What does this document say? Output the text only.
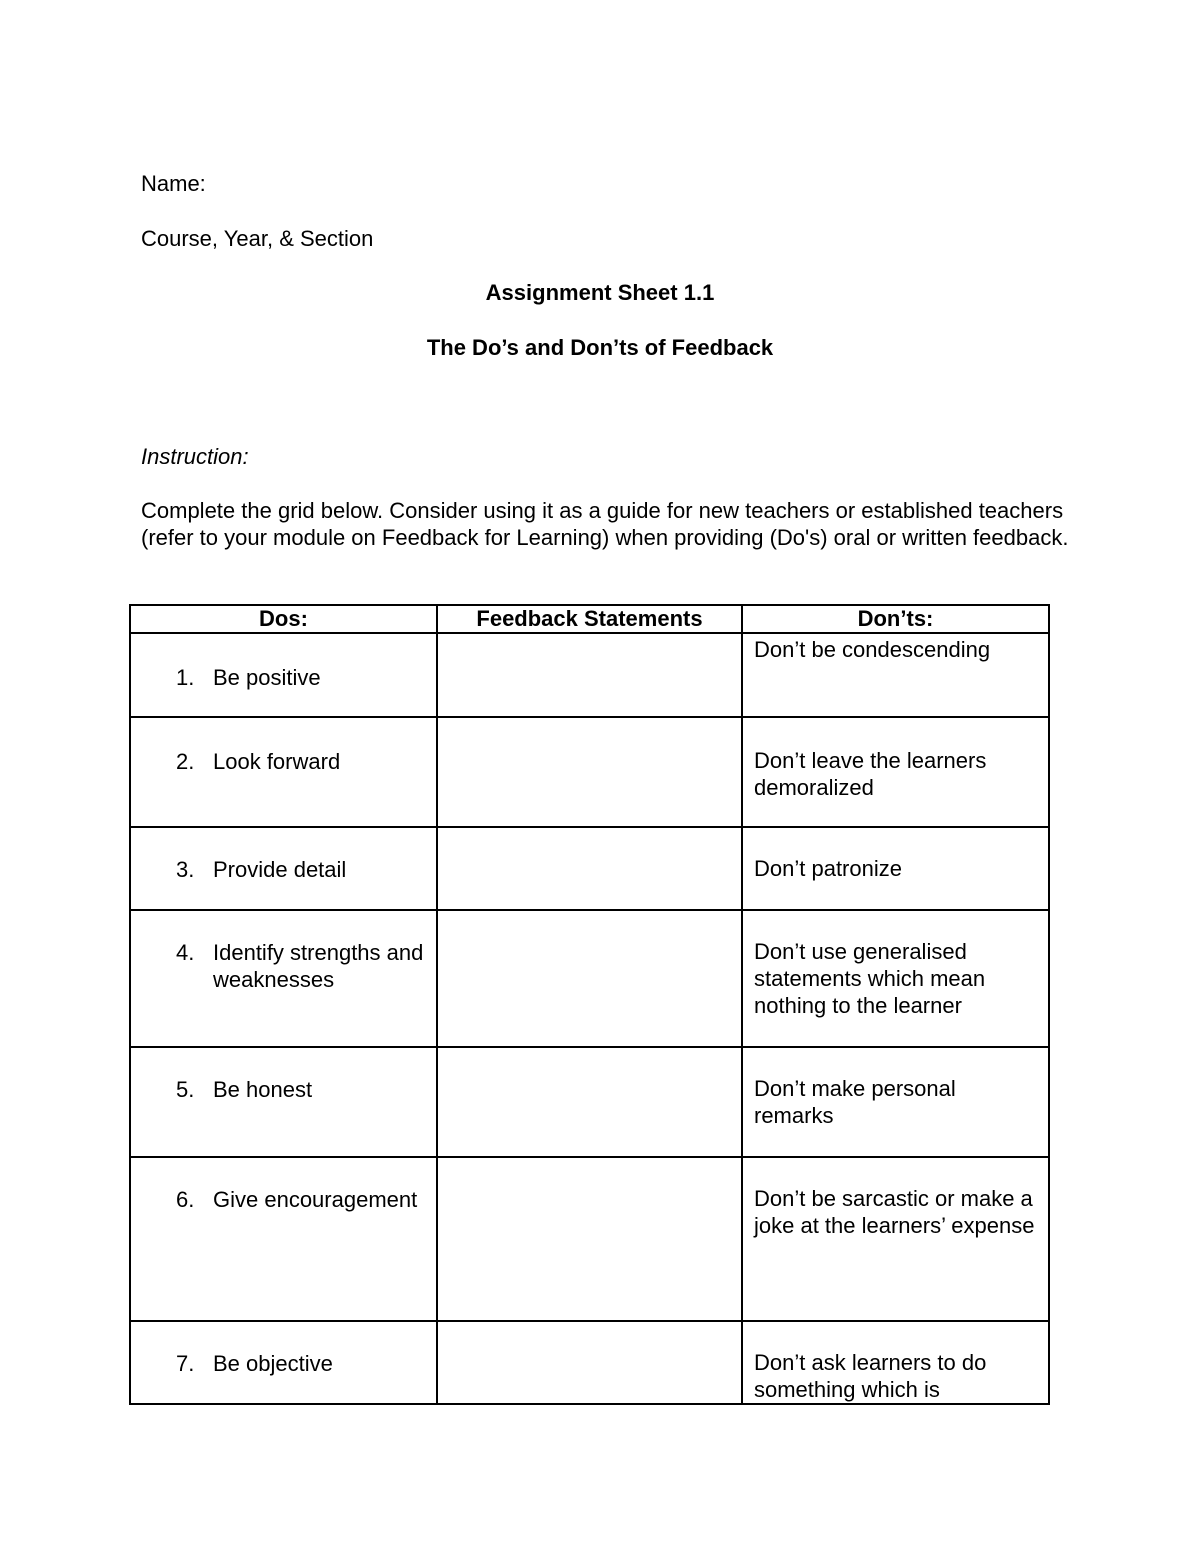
Name:
Course, Year, & Section
Assignment Sheet 1.1
The Do’s and Don’ts of Feedback
Instruction:
Complete the grid below. Consider using it as a guide for new teachers or established teachers (refer to your module on Feedback for Learning) when providing (Do's) oral or written feedback.
Dos:	Feedback Statements	Don’ts:

1. Be positive		Don’t be condescending

2. Look forward		Don’t leave the learners demoralized

3. Provide detail		Don’t patronize

4. Identify strengths and weaknesses		Don’t use generalised statements which mean nothing to the learner

5. Be honest		Don’t make personal remarks

6. Give encouragement		Don’t be sarcastic or make a joke at the learners’ expense

7. Be objective		Don’t ask learners to do something which is
